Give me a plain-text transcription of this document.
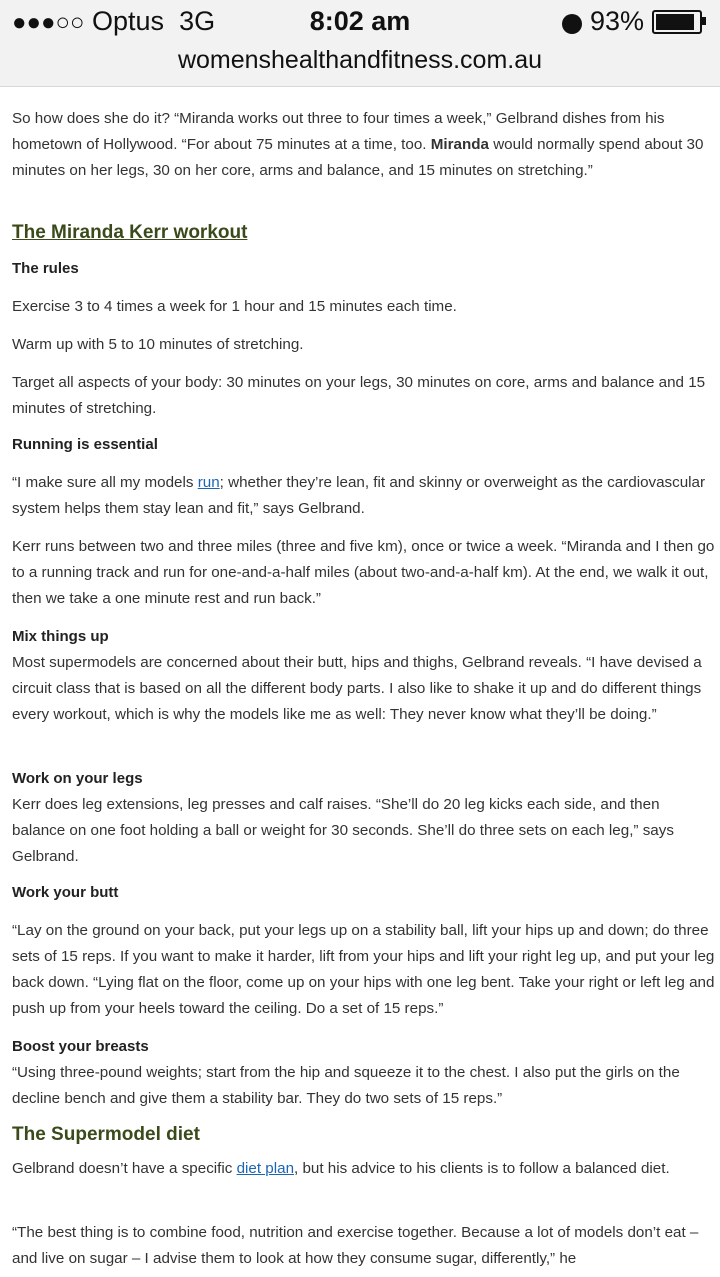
●●●○○ Optus 3G	8:02 am	93%
womenshealthandfitness.com.au

So how does she do it? “Miranda works out three to four times a week,” Gelbrand dishes from his hometown of Hollywood. “For about 75 minutes at a time, too. Miranda would normally spend about 30 minutes on her legs, 30 on her core, arms and balance, and 15 minutes on stretching.”

The Miranda Kerr workout

The rules

Exercise 3 to 4 times a week for 1 hour and 15 minutes each time.

Warm up with 5 to 10 minutes of stretching.

Target all aspects of your body: 30 minutes on your legs, 30 minutes on core, arms and balance and 15 minutes of stretching.

Running is essential

“I make sure all my models run; whether they’re lean, fit and skinny or overweight as the cardiovascular system helps them stay lean and fit,” says Gelbrand.

Kerr runs between two and three miles (three and five km), once or twice a week. “Miranda and I then go to a running track and run for one-and-a-half miles (about two-and-a-half km). At the end, we walk it out, then we take a one minute rest and run back.”

Mix things up

Most supermodels are concerned about their butt, hips and thighs, Gelbrand reveals. “I have devised a circuit class that is based on all the different body parts. I also like to shake it up and do different things every workout, which is why the models like me as well: They never know what they’ll be doing.”

Work on your legs

Kerr does leg extensions, leg presses and calf raises. “She’ll do 20 leg kicks each side, and then balance on one foot holding a ball or weight for 30 seconds. She’ll do three sets on each leg,” says Gelbrand.

Work your butt

“Lay on the ground on your back, put your legs up on a stability ball, lift your hips up and down; do three sets of 15 reps. If you want to make it harder, lift from your hips and lift your right leg up, and put your leg back down. “Lying flat on the floor, come up on your hips with one leg bent. Take your right or left leg and push up from your heels toward the ceiling. Do a set of 15 reps.”

Boost your breasts

“Using three-pound weights; start from the hip and squeeze it to the chest. I also put the girls on the decline bench and give them a stability bar. They do two sets of 15 reps.”

The Supermodel diet

Gelbrand doesn’t have a specific diet plan, but his advice to his clients is to follow a balanced diet.

“The best thing is to combine food, nutrition and exercise together. Because a lot of models don’t eat – and live on sugar – I advise them to look at how they consume sugar, differently,” he
